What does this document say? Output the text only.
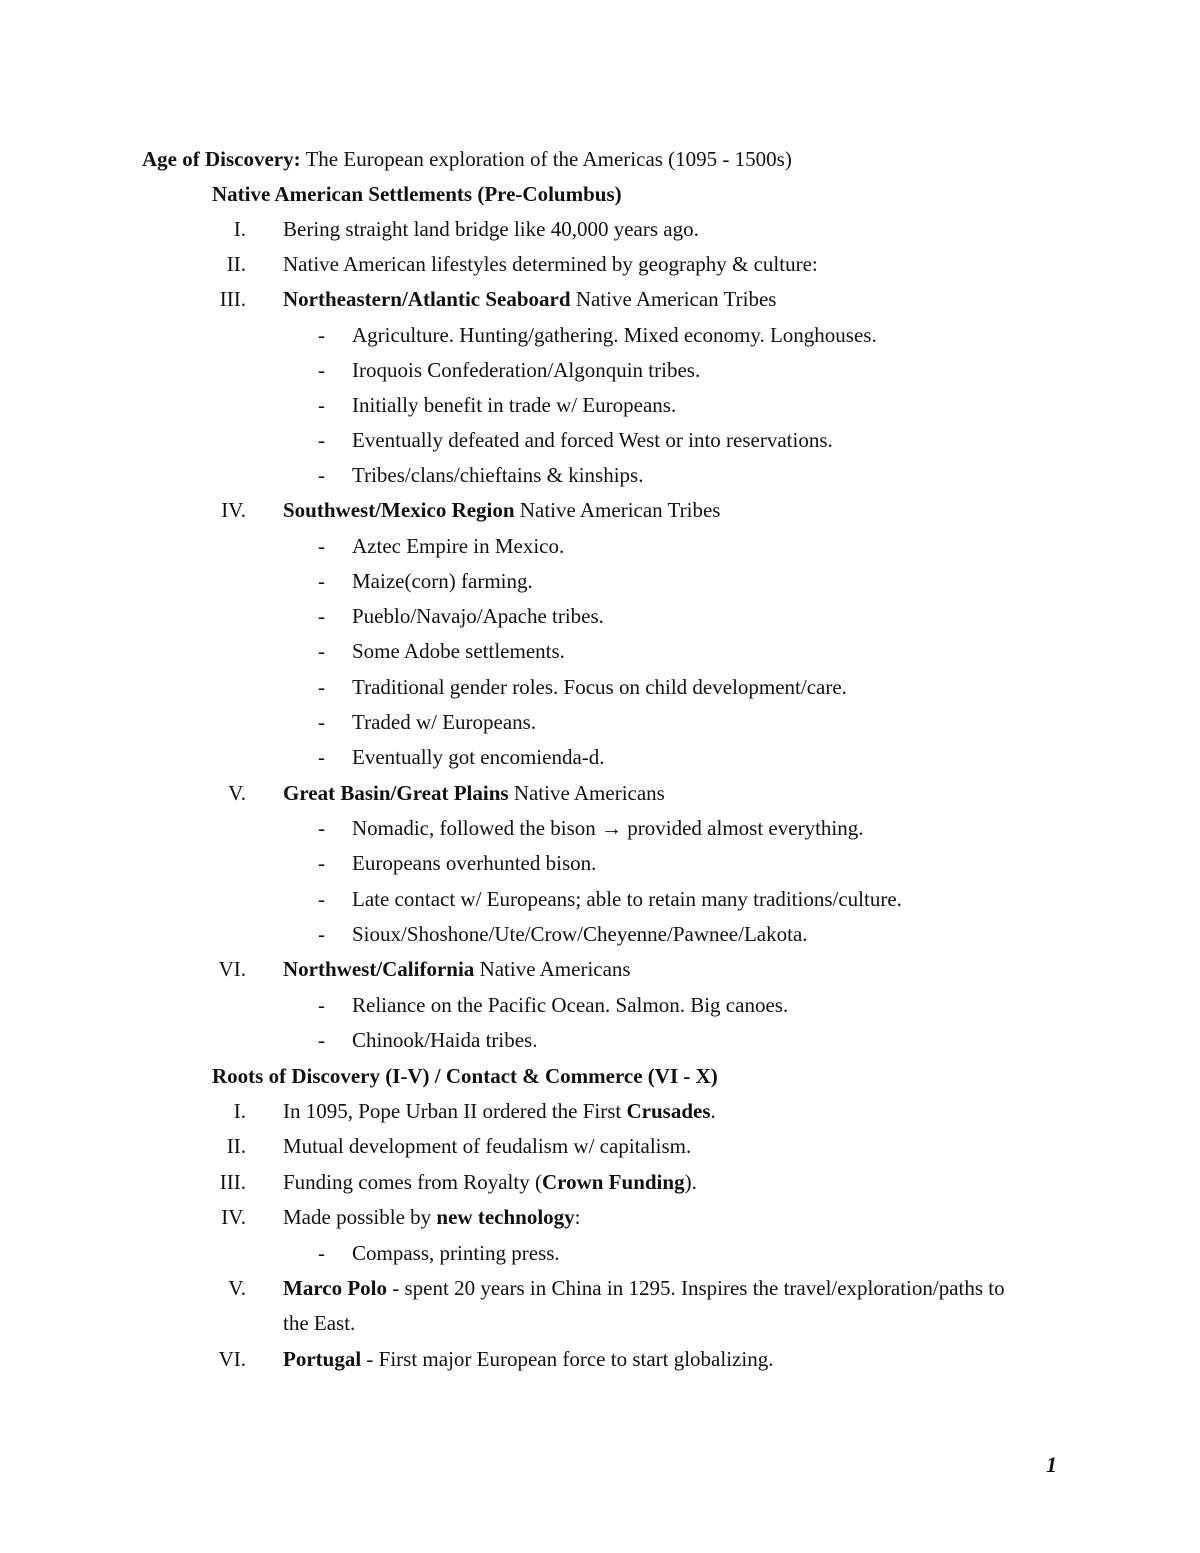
Age of Discovery: The European exploration of the Americas (1095 - 1500s)
Native American Settlements (Pre-Columbus)
I. Bering straight land bridge like 40,000 years ago.
II. Native American lifestyles determined by geography & culture:
III. Northeastern/Atlantic Seaboard Native American Tribes
- Agriculture. Hunting/gathering. Mixed economy. Longhouses.
- Iroquois Confederation/Algonquin tribes.
- Initially benefit in trade w/ Europeans.
- Eventually defeated and forced West or into reservations.
- Tribes/clans/chieftains & kinships.
IV. Southwest/Mexico Region Native American Tribes
- Aztec Empire in Mexico.
- Maize(corn) farming.
- Pueblo/Navajo/Apache tribes.
- Some Adobe settlements.
- Traditional gender roles. Focus on child development/care.
- Traded w/ Europeans.
- Eventually got encomienda-d.
V. Great Basin/Great Plains Native Americans
- Nomadic, followed the bison → provided almost everything.
- Europeans overhunted bison.
- Late contact w/ Europeans; able to retain many traditions/culture.
- Sioux/Shoshone/Ute/Crow/Cheyenne/Pawnee/Lakota.
VI. Northwest/California Native Americans
- Reliance on the Pacific Ocean. Salmon. Big canoes.
- Chinook/Haida tribes.
Roots of Discovery (I-V) / Contact & Commerce (VI - X)
I. In 1095, Pope Urban II ordered the First Crusades.
II. Mutual development of feudalism w/ capitalism.
III. Funding comes from Royalty (Crown Funding).
IV. Made possible by new technology:
- Compass, printing press.
V. Marco Polo - spent 20 years in China in 1295. Inspires the travel/exploration/paths to
the East.
VI. Portugal - First major European force to start globalizing.
1
